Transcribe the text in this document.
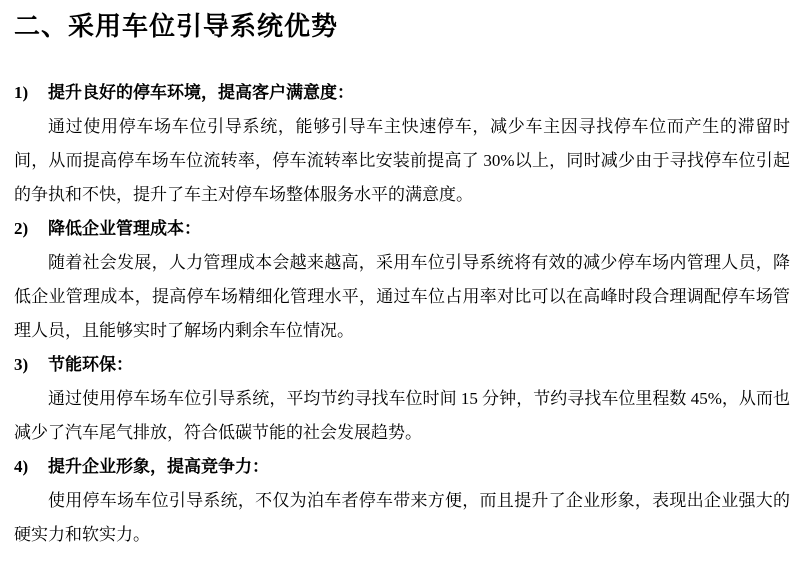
二、采用车位引导系统优势
1)	提升良好的停车环境，提高客户满意度：

通过使用停车场车位引导系统，能够引导车主快速停车，减少车主因寻找停车位而产生的滞留时间，从而提高停车场车位流转率，停车流转率比安装前提高了 30%以上，同时减少由于寻找停车位引起的争执和不快，提升了车主对停车场整体服务水平的满意度。

2)	降低企业管理成本：

随着社会发展，人力管理成本会越来越高，采用车位引导系统将有效的减少停车场内管理人员，降低企业管理成本，提高停车场精细化管理水平，通过车位占用率对比可以在高峰时段合理调配停车场管理人员，且能够实时了解场内剩余车位情况。

3)	节能环保：

通过使用停车场车位引导系统，平均节约寻找车位时间 15 分钟，节约寻找车位里程数 45%，从而也减少了汽车尾气排放，符合低碳节能的社会发展趋势。

4)	提升企业形象，提高竞争力：

使用停车场车位引导系统，不仅为泊车者停车带来方便，而且提升了企业形象，表现出企业强大的硬实力和软实力。
